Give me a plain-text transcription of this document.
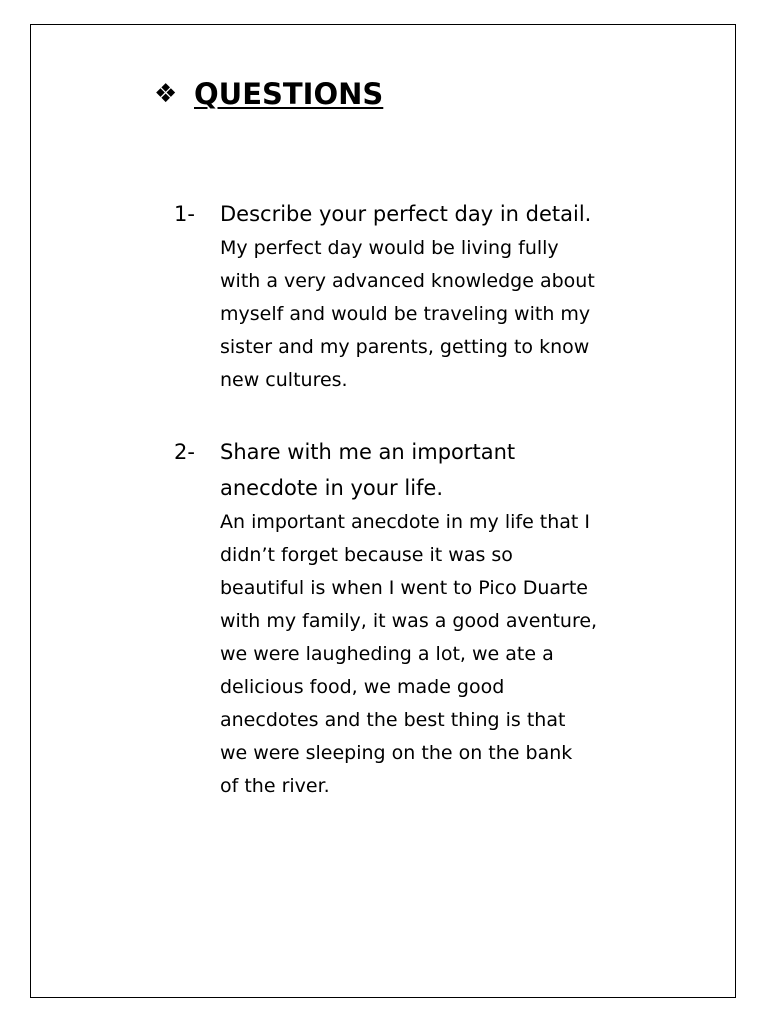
❖ QUESTIONS
1- Describe your perfect day in detail.

My perfect day would be living fully
with a very advanced knowledge about
myself and would be traveling with my
sister and my parents, getting to know
new cultures.

2- Share with me an important
anecdote in your life.

An important anecdote in my life that I
didn’t forget because it was so
beautiful is when I went to Pico Duarte
with my family, it was a good aventure,
we were laugheding a lot, we ate a
delicious food, we made good
anecdotes and the best thing is that
we were sleeping on the on the bank
of the river.
